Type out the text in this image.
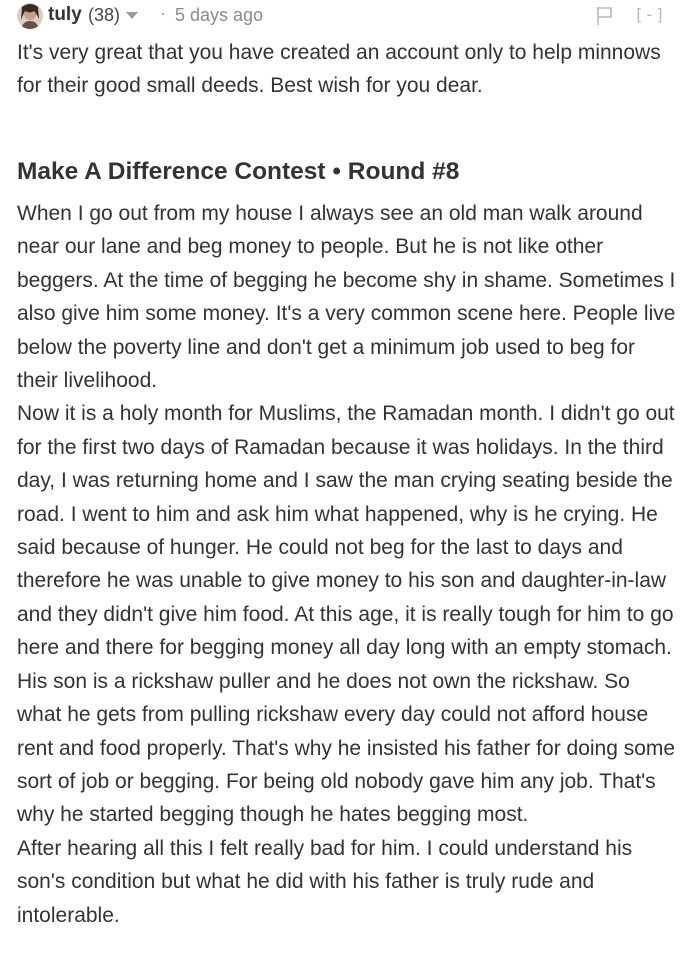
tuly (38) · 5 days ago	[-]
It's very great that you have created an account only to help minnows for their good small deeds. Best wish for you dear.
Make A Difference Contest • Round #8

When I go out from my house I always see an old man walk around near our lane and beg money to people. But he is not like other beggers. At the time of begging he become shy in shame. Sometimes I also give him some money. It's a very common scene here. People live below the poverty line and don't get a minimum job used to beg for their livelihood.

Now it is a holy month for Muslims, the Ramadan month. I didn't go out for the first two days of Ramadan because it was holidays. In the third day, I was returning home and I saw the man crying seating beside the road. I went to him and ask him what happened, why is he crying. He said because of hunger. He could not beg for the last to days and therefore he was unable to give money to his son and daughter-in-law and they didn't give him food. At this age, it is really tough for him to go here and there for begging money all day long with an empty stomach. His son is a rickshaw puller and he does not own the rickshaw. So what he gets from pulling rickshaw every day could not afford house rent and food properly. That's why he insisted his father for doing some sort of job or begging. For being old nobody gave him any job. That's why he started begging though he hates begging most.

After hearing all this I felt really bad for him. I could understand his son's condition but what he did with his father is truly rude and intolerable.
